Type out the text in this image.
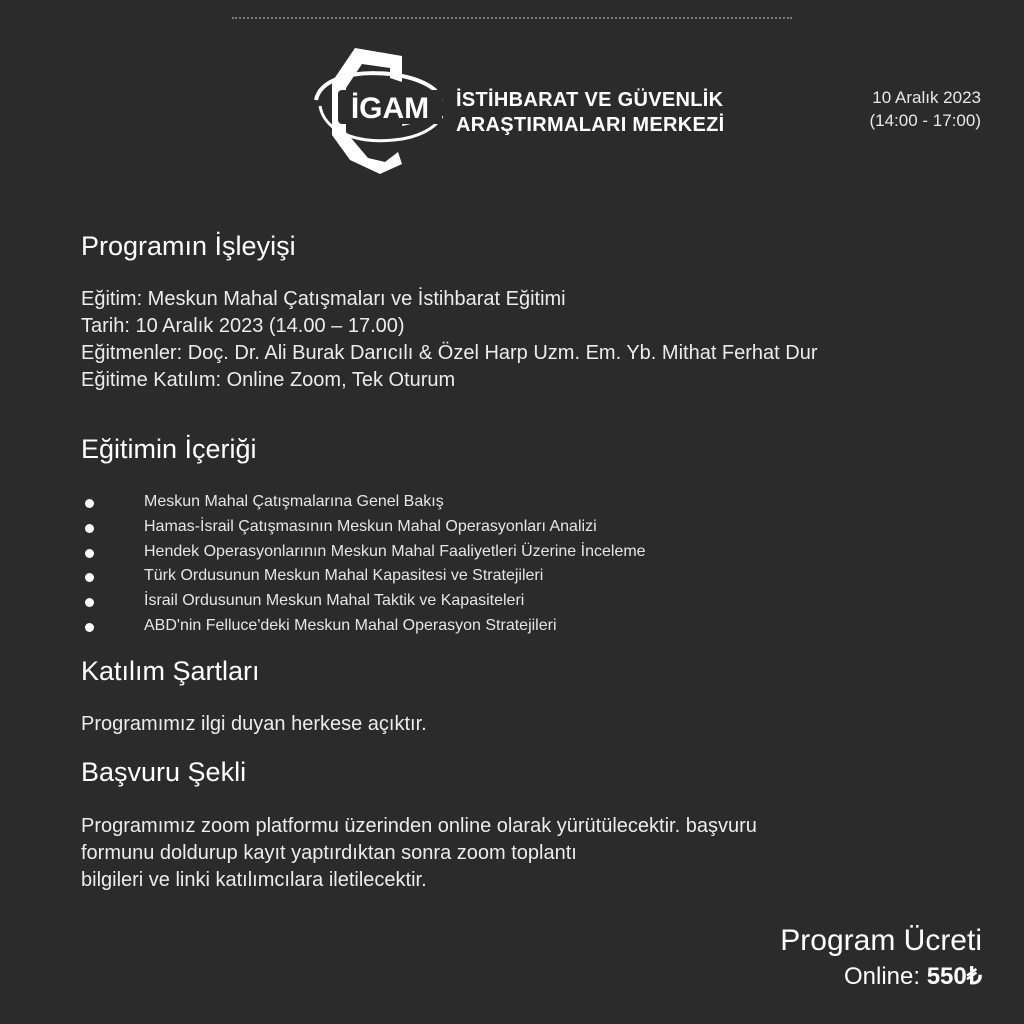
İGAM İSTİHBARAT VE GÜVENLİK
ARAŞTIRMALARI MERKEZİ
10 Aralık 2023
(14:00 - 17:00)
Programın İşleyişi
Eğitim: Meskun Mahal Çatışmaları ve İstihbarat Eğitimi
Tarih: 10 Aralık 2023 (14.00 – 17.00)
Eğitmenler: Doç. Dr. Ali Burak Darıcılı & Özel Harp Uzm. Em. Yb. Mithat Ferhat Dur
Eğitime Katılım: Online Zoom, Tek Oturum
Eğitimin İçeriği
Meskun Mahal Çatışmalarına Genel Bakış
Hamas-İsrail Çatışmasının Meskun Mahal Operasyonları Analizi
Hendek Operasyonlarının Meskun Mahal Faaliyetleri Üzerine İnceleme
Türk Ordusunun Meskun Mahal Kapasitesi ve Stratejileri
İsrail Ordusunun Meskun Mahal Taktik ve Kapasiteleri
ABD'nin Felluce'deki Meskun Mahal Operasyon Stratejileri
Katılım Şartları
Programımız ilgi duyan herkese açıktır.
Başvuru Şekli
Programımız zoom platformu üzerinden online olarak yürütülecektir. başvuru
formunu doldurup kayıt yaptırdıktan sonra zoom toplantı
bilgileri ve linki katılımcılara iletilecektir.
Program Ücreti
Online: 550₺
